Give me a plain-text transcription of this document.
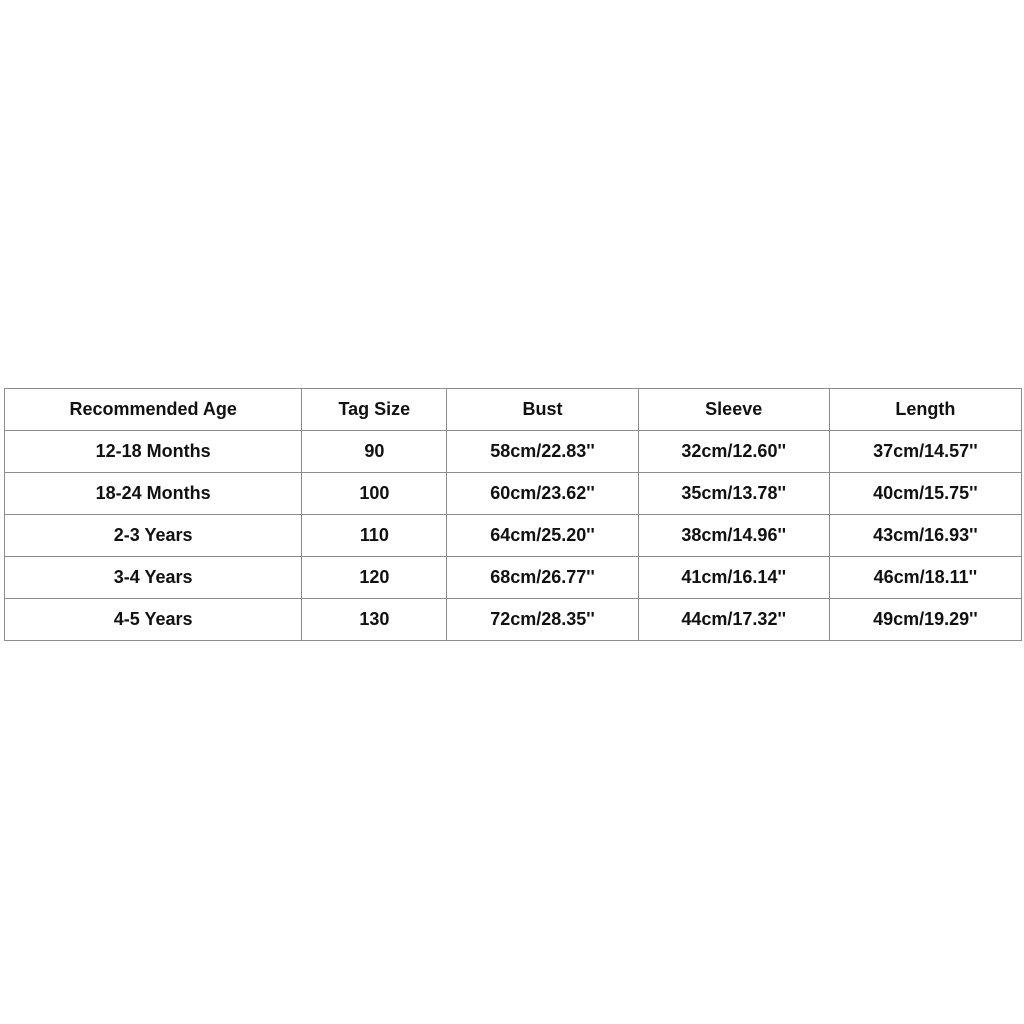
Recommended Age	Tag Size	Bust	Sleeve	Length
12-18 Months	90	58cm/22.83''	32cm/12.60''	37cm/14.57''
18-24 Months	100	60cm/23.62''	35cm/13.78''	40cm/15.75''
2-3 Years	110	64cm/25.20''	38cm/14.96''	43cm/16.93''
3-4 Years	120	68cm/26.77''	41cm/16.14''	46cm/18.11''
4-5 Years	130	72cm/28.35''	44cm/17.32''	49cm/19.29''
